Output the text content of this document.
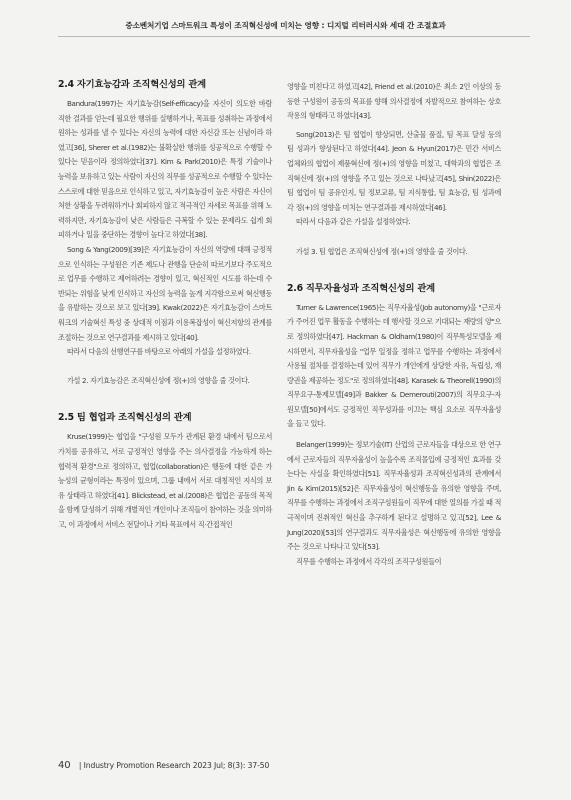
중소벤처기업 스마트워크 특성이 조직혁신성에 미치는 영향 : 디지털 리터러시와 세대 간 조절효과
2.4 자기효능감과 조직혁신성의 관계

Bandura(1997)는 자기효능감(Self-efficacy)을 자신이 의도한 바람직한 결과를 얻는데 필요한 행위를 실행하거나, 목표를 성취하는 과정에서 원하는 성과를 낼 수 있다는 자신의 능력에 대한 자신감 또는 신념이라 하였고[36], Sherer et al.(1982)는 불확실한 행위를 성공적으로 수행할 수 있다는 믿음이라 정의하였다[37]. Kim & Park(2010)은 특정 기술이나 능력을 보유하고 있는 사람이 자신의 직무를 성공적으로 수행할 수 있다는 스스로에 대한 믿음으로 인식하고 있고, 자기효능감이 높은 사람은 자신이 처한 상황을 두려워하거나 회피하지 않고 적극적인 자세로 목표를 위해 노력하지만, 자기효능감이 낮은 사람들은 극복할 수 있는 문제라도 쉽게 회피하거나 일을 중단하는 경향이 높다고 하였다[38].

Song & Yang(2009)[39]은 자기효능감이 자신의 역량에 대해 긍정적으로 인식하는 구성원은 기존 제도나 관행을 단순히 따르기보다 주도적으로 업무를 수행하고 제어하려는 경향이 있고, 혁신적인 시도를 하는데 수반되는 위험을 낮게 인식하고 자신의 능력을 높게 지각함으로써 혁신행동을 유발하는 것으로 보고 있다[39]. Kwak(2022)은 자기효능감이 스마트워크의 기술혁신 특성 중 상대적 이점과 이용복잡성이 혁신저항의 관계를 조절하는 것으로 연구결과를 제시하고 있다[40].

따라서 다음의 선행연구를 바탕으로 아래의 가설을 설정하였다.

가설 2. 자기효능감은 조직혁신성에 정(+)의 영향을 줄 것이다.

2.5 팀 협업과 조직혁신성의 관계

Kruse(1999)는 협업을 "구성원 모두가 관계된 환경 내에서 팀으로서 가치를 공유하고, 서로 긍정적인 영향을 주는 의사결정을 가능하게 하는 협력적 환경"으로 정의하고, 협업(collaboration)은 행동에 대한 같은 가능성의 균형이라는 특징이 있으며, 그룹 내에서 서로 대칭적인 지식의 보유 상태라고 하였다[41]. Blickstead, et al.(2008)은 협업은 공동의 목적을 함께 달성하기 위해 개별적인 개인이나 조직들이 참여하는 것을 의미하고, 이 과정에서 서비스 전달이나 기타 목표에서 직·간접적인

영향을 미친다고 하였고[42], Friend et al.(2010)은 최소 2인 이상의 동등한 구성원이 공동의 목표를 향해 의사결정에 자발적으로 참여하는 상호작용의 형태라고 하였다[43].

Song(2013)은 팀 협업이 향상되면, 산출물 품질, 팀 목표 달성 등의 팀 성과가 향상된다고 하였다[44]. Jeon & Hyun(2017)은 민간 서비스 업체와의 협업이 제품혁신에 정(+)의 영향을 미쳤고, 대학과의 협업은 조직혁신에 정(+)의 영향을 주고 있는 것으로 나타났고[45], Shin(2022)은 팀 협업이 팀 공유인지, 팀 정보교류, 팀 지식통합, 팀 효능감, 팀 성과에 각 정(+)의 영향을 미치는 연구결과를 제시하였다[46].

따라서 다음과 같은 가설을 설정하였다.

가설 3. 팀 협업은 조직혁신성에 정(+)의 영향을 줄 것이다.

2.6 직무자율성과 조직혁신성의 관계

Turner & Lawrence(1965)는 직무자율성(Job autonomy)을 "근로자가 주어진 업무 활동을 수행하는 데 행사할 것으로 기대되는 재량의 양"으로 정의하였다[47]. Hackman & Oldham(1980)이 직무특성모델을 제시하면서, 직무자율성을 "업무 일정을 정하고 업무를 수행하는 과정에서 사용될 절차를 결정하는데 있어 직무가 개인에게 상당한 자유, 독립성, 재량권을 제공하는 정도"로 정의하였다[48]. Karasek & Theorell(1990)의 직무요구-통제모델[49]과 Bakker & Demerouti(2007)의 직무요구-자원모델[50]에서도 긍정적인 직무성과를 이끄는 핵심 요소로 직무자율성을 들고 있다.

Belanger(1999)는 정보기술(IT) 산업의 근로자들을 대상으로 한 연구에서 근로자들의 직무자율성이 높을수록 조직몰입에 긍정적인 효과를 갖는다는 사실을 확인하였다[51]. 직무자율성과 조직혁신성과의 관계에서 Jin & Kim(2015)[52]은 직무자율성이 혁신행동을 유의한 영향을 주며, 직무를 수행하는 과정에서 조직구성원들이 직무에 대한 열의를 가질 때 적극적이며 진취적인 혁신을 추구하게 된다고 설명하고 있고[52], Lee & Jung(2020)[53]의 연구결과도 직무자율성은 혁신행동에 유의한 영향을 주는 것으로 나타나고 있다[53].

직무를 수행하는 과정에서 각각의 조직구성원들이

40 | Industry Promotion Research 2023 Jul; 8(3): 37-50
